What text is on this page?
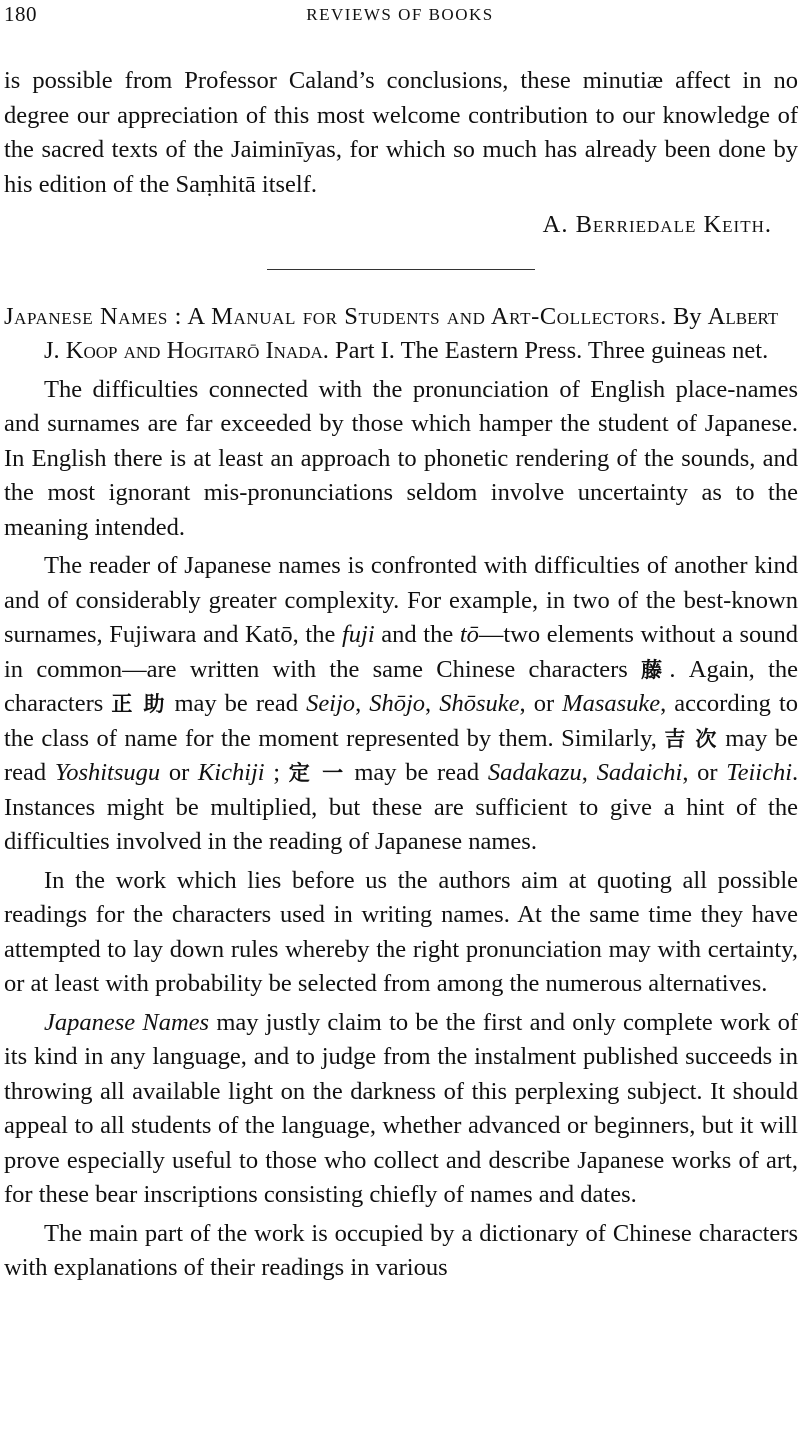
180	REVIEWS OF BOOKS

is possible from Professor Caland’s conclusions, these minutiæ affect in no degree our appreciation of this most welcome contribution to our knowledge of the sacred texts of the Jaiminīyas, for which so much has already been done by his edition of the Saṃhitā itself.

A. Berriedale Keith.

Japanese Names : A Manual for Students and Art-Collectors. By Albert J. Koop and Hogitarō Inada. Part I. The Eastern Press. Three guineas net.

The difficulties connected with the pronunciation of English place-names and surnames are far exceeded by those which hamper the student of Japanese. In English there is at least an approach to phonetic rendering of the sounds, and the most ignorant mis-pronunciations seldom involve uncertainty as to the meaning intended.

The reader of Japanese names is confronted with difficulties of another kind and of considerably greater complexity. For example, in two of the best-known surnames, Fujiwara and Katō, the fuji and the tō—two elements without a sound in common—are written with the same Chinese characters 藤. Again, the characters 正 助 may be read Seijo, Shōjo, Shōsuke, or Masasuke, according to the class of name for the moment represented by them. Similarly, 吉 次 may be read Yoshitsugu or Kichiji ; 定 一 may be read Sadakazu, Sadaichi, or Teiichi. Instances might be multiplied, but these are sufficient to give a hint of the difficulties involved in the reading of Japanese names.

In the work which lies before us the authors aim at quoting all possible readings for the characters used in writing names. At the same time they have attempted to lay down rules whereby the right pronunciation may with certainty, or at least with probability be selected from among the numerous alternatives.

Japanese Names may justly claim to be the first and only complete work of its kind in any language, and to judge from the instalment published succeeds in throwing all available light on the darkness of this perplexing subject. It should appeal to all students of the language, whether advanced or beginners, but it will prove especially useful to those who collect and describe Japanese works of art, for these bear inscriptions consisting chiefly of names and dates.

The main part of the work is occupied by a dictionary of Chinese characters with explanations of their readings in various
